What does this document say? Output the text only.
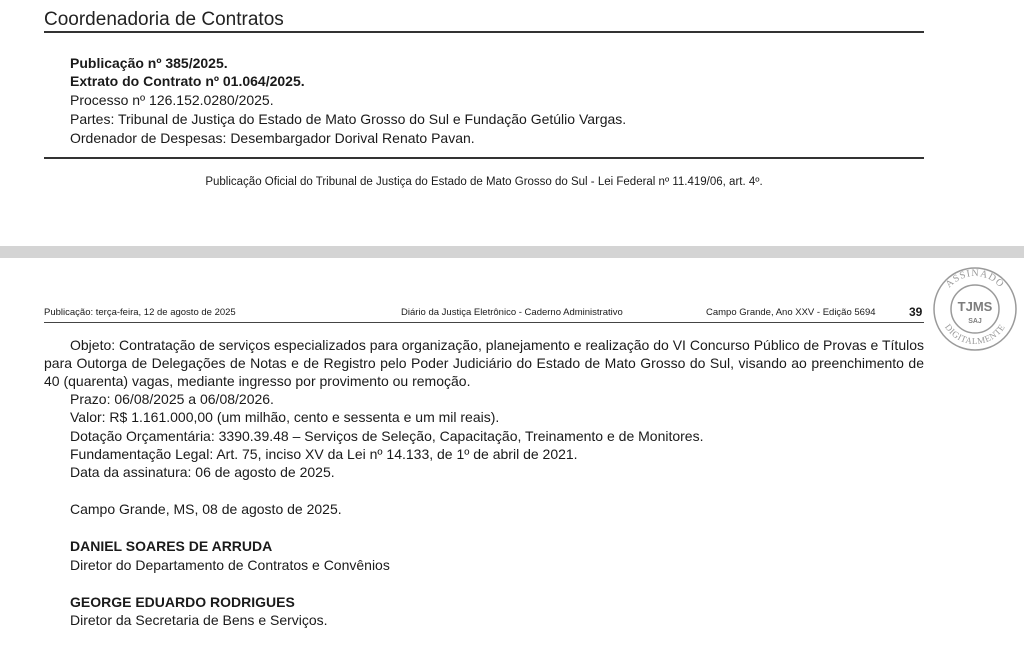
Coordenadoria de Contratos
Publicação nº 385/2025.
Extrato do Contrato nº 01.064/2025.
Processo nº 126.152.0280/2025.
Partes: Tribunal de Justiça do Estado de Mato Grosso do Sul e Fundação Getúlio Vargas.
Ordenador de Despesas: Desembargador Dorival Renato Pavan.
Publicação Oficial do Tribunal de Justiça do Estado de Mato Grosso do Sul - Lei Federal nº 11.419/06, art. 4º.
Publicação: terça-feira, 12 de agosto de 2025	Diário da Justiça Eletrônico - Caderno Administrativo	Campo Grande, Ano XXV - Edição 5694	39
ASSINADO
DIGITALMENTE
TJMS
SAJ
Objeto: Contratação de serviços especializados para organização, planejamento e realização do VI Concurso Público de Provas e Títulos para Outorga de Delegações de Notas e de Registro pelo Poder Judiciário do Estado de Mato Grosso do Sul, visando ao preenchimento de 40 (quarenta) vagas, mediante ingresso por provimento ou remoção.
Prazo: 06/08/2025 a 06/08/2026.
Valor: R$ 1.161.000,00 (um milhão, cento e sessenta e um mil reais).
Dotação Orçamentária: 3390.39.48 – Serviços de Seleção, Capacitação, Treinamento e de Monitores.
Fundamentação Legal: Art. 75, inciso XV da Lei nº 14.133, de 1º de abril de 2021.
Data da assinatura: 06 de agosto de 2025.
Campo Grande, MS, 08 de agosto de 2025.
DANIEL SOARES DE ARRUDA
Diretor do Departamento de Contratos e Convênios
GEORGE EDUARDO RODRIGUES
Diretor da Secretaria de Bens e Serviços.
